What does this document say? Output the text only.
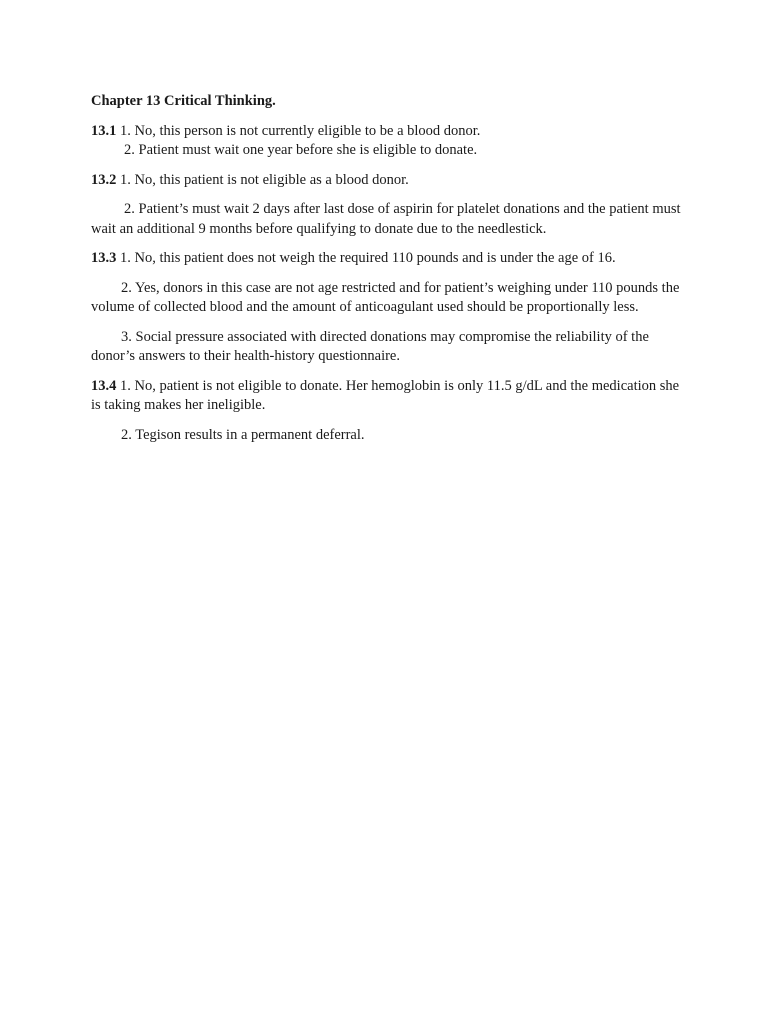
Chapter 13 Critical Thinking.

13.1 1. No, this person is not currently eligible to be a blood donor.

2. Patient must wait one year before she is eligible to donate.

13.2 1. No, this patient is not eligible as a blood donor.

2. Patient’s must wait 2 days after last dose of aspirin for platelet donations and the patient must wait an additional 9 months before qualifying to donate due to the needlestick.

13.3 1. No, this patient does not weigh the required 110 pounds and is under the age of 16.

2. Yes, donors in this case are not age restricted and for patient’s weighing under 110 pounds the volume of collected blood and the amount of anticoagulant used should be proportionally less.

3. Social pressure associated with directed donations may compromise the reliability of the donor’s answers to their health-history questionnaire.

13.4 1. No, patient is not eligible to donate. Her hemoglobin is only 11.5 g/dL and the medication she is taking makes her ineligible.

2. Tegison results in a permanent deferral.
